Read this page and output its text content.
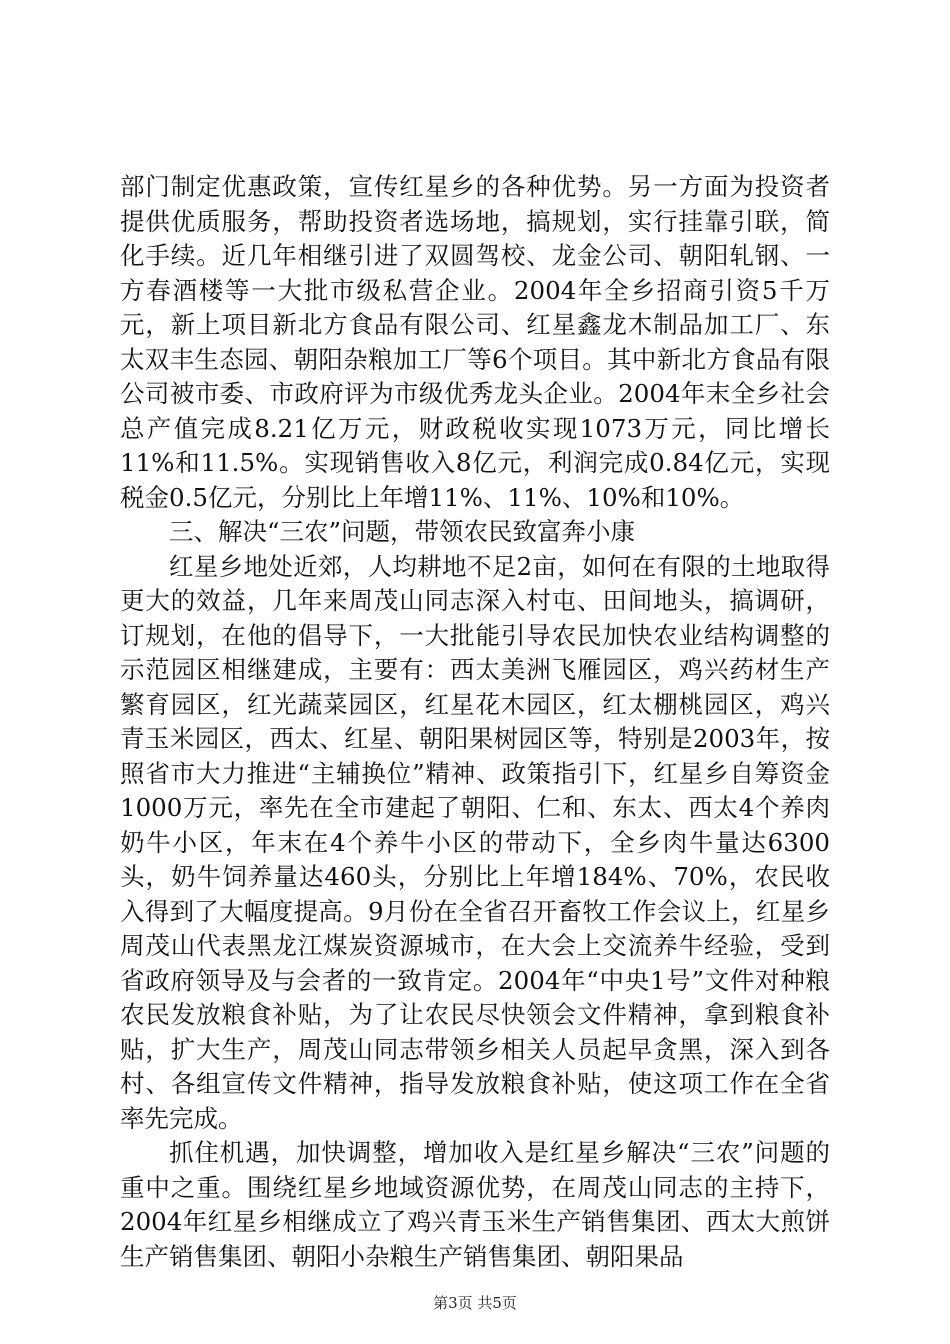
部门制定优惠政策，宣传红星乡的各种优势。另一方面为投资者提供优质服务，帮助投资者选场地，搞规划，实行挂靠引联，简化手续。近几年相继引进了双圆驾校、龙金公司、朝阳轧钢、一方春酒楼等一大批市级私营企业。2004年全乡招商引资5千万元，新上项目新北方食品有限公司、红星鑫龙木制品加工厂、东太双丰生态园、朝阳杂粮加工厂等6个项目。其中新北方食品有限公司被市委、市政府评为市级优秀龙头企业。2004年末全乡社会总产值完成8.21亿万元，财政税收实现1073万元，同比增长11%和11.5%。实现销售收入8亿元，利润完成0.84亿元，实现税金0.5亿元，分别比上年增11%、11%、10%和10%。

三、解决“三农”问题，带领农民致富奔小康

红星乡地处近郊，人均耕地不足2亩，如何在有限的土地取得更大的效益，几年来周茂山同志深入村屯、田间地头，搞调研，订规划，在他的倡导下，一大批能引导农民加快农业结构调整的示范园区相继建成，主要有：西太美洲飞雁园区，鸡兴药材生产繁育园区，红光蔬菜园区，红星花木园区，红太棚桃园区，鸡兴青玉米园区，西太、红星、朝阳果树园区等，特别是2003年，按照省市大力推进“主辅换位”精神、政策指引下，红星乡自筹资金1000万元，率先在全市建起了朝阳、仁和、东太、西太4个养肉奶牛小区，年末在4个养牛小区的带动下，全乡肉牛量达6300头，奶牛饲养量达460头，分别比上年增184%、70%，农民收入得到了大幅度提高。9月份在全省召开畜牧工作会议上，红星乡周茂山代表黑龙江煤炭资源城市，在大会上交流养牛经验，受到省政府领导及与会者的一致肯定。2004年“中央1号”文件对种粮农民发放粮食补贴，为了让农民尽快领会文件精神，拿到粮食补贴，扩大生产，周茂山同志带领乡相关人员起早贪黑，深入到各村、各组宣传文件精神，指导发放粮食补贴，使这项工作在全省率先完成。

抓住机遇，加快调整，增加收入是红星乡解决“三农”问题的重中之重。围绕红星乡地域资源优势，在周茂山同志的主持下，2004年红星乡相继成立了鸡兴青玉米生产销售集团、西太大煎饼生产销售集团、朝阳小杂粮生产销售集团、朝阳果品

第3页 共5页
